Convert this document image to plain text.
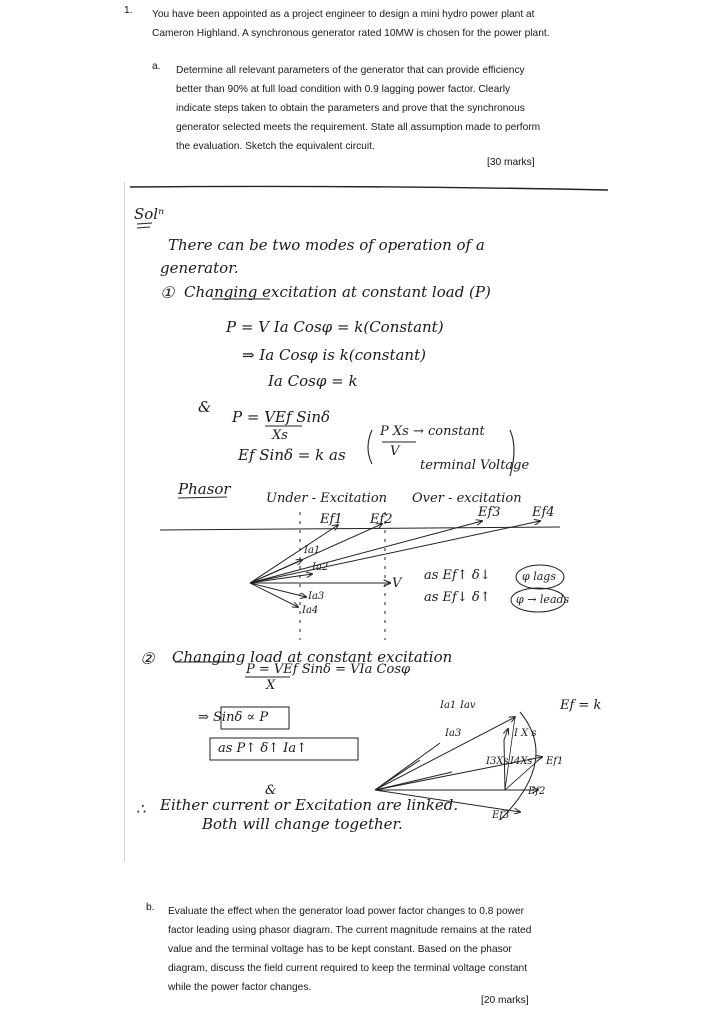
1. You have been appointed as a project engineer to design a mini hydro power plant at Cameron Highland. A synchronous generator rated 10MW is chosen for the power plant.
a. Determine all relevant parameters of the generator that can provide efficiency better than 90% at full load condition with 0.9 lagging power factor. Clearly indicate steps taken to obtain the parameters and prove that the synchronous generator selected meets the requirement. State all assumption made to perform the evaluation. Sketch the equivalent circuit.
[30 marks]
Solⁿ
There can be two modes of operation of a
generator.
① Changing excitation at constant load (P)
P = V Ia Cosφ = k(Constant)
⇒ Ia Cosφ is k(constant)
Ia Cosφ = k
&
P = VEf Sinδ
Xs
Ef Sinδ = k as
P Xs → constant
V
terminal Voltage
Phasor
Under - Excitation Over - excitation
Ef1 Ef2	Ef3 Ef4
Ia1
Ia2
Ia3
Ia4
V
as Ef↑ δ↓	φ lags
as Ef↓ δ↑ φ → leads
② Changing load at constant excitation
P = VEf Sinδ = VIa Cosφ
X
⇒ Sinδ ∝ P
as P↑ δ↑ Ia↑
Ef = k
Ia1 Iav
Ia3	I X s
I3Xs I4Xs Ef1
Ef2
Ef3
&
∴ Either current or Excitation are linked.
Both will change together.
b. Evaluate the effect when the generator load power factor changes to 0.8 power factor leading using phasor diagram. The current magnitude remains at the rated value and the terminal voltage has to be kept constant. Based on the phasor diagram, discuss the field current required to keep the terminal voltage constant while the power factor changes.
[20 marks]
